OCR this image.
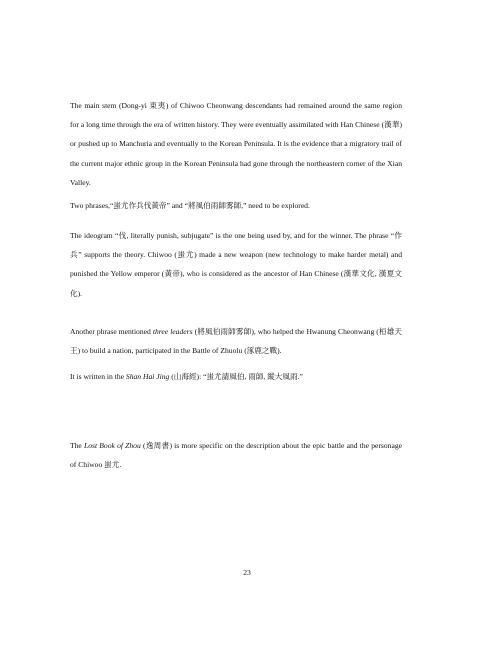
The main stem (Dong-yi 東夷) of Chiwoo Cheonwang descendants had remained around the same region for a long time through the era of written history. They were eventually assimilated with Han Chinese (漢華) or pushed up to Manchuria and eventually to the Korean Peninsula. It is the evidence that a migratory trail of the current major ethnic group in the Korean Peninsula had gone through the northeastern corner of the Xian Valley.

Two phrases,“蚩尤作兵伐黃帝” and “將風伯雨師雾師,” need to be explored.

The ideogram “伐, literally punish, subjugate” is the one being used by, and for the winner. The phrase “作兵” supports the theory. Chiwoo (蚩尤) made a new weapon (new technology to make harder metal) and punished the Yellow emperor (黃帝), who is considered as the ancestor of Han Chinese (漢華文化, 漢夏文化).

Another phrase mentioned three leaders (將風伯雨師雾師), who helped the Hwanung Cheonwang (桓雄天王) to build a nation, participated in the Battle of Zhuolu (涿鹿之戰).

It is written in the Shan Hai Jing (山海經): “蚩尤請風伯, 雨師, 縱大風雨.”

The Lost Book of Zhou (逸周書) is more specific on the description about the epic battle and the personage of Chiwoo 蚩尤.

23
